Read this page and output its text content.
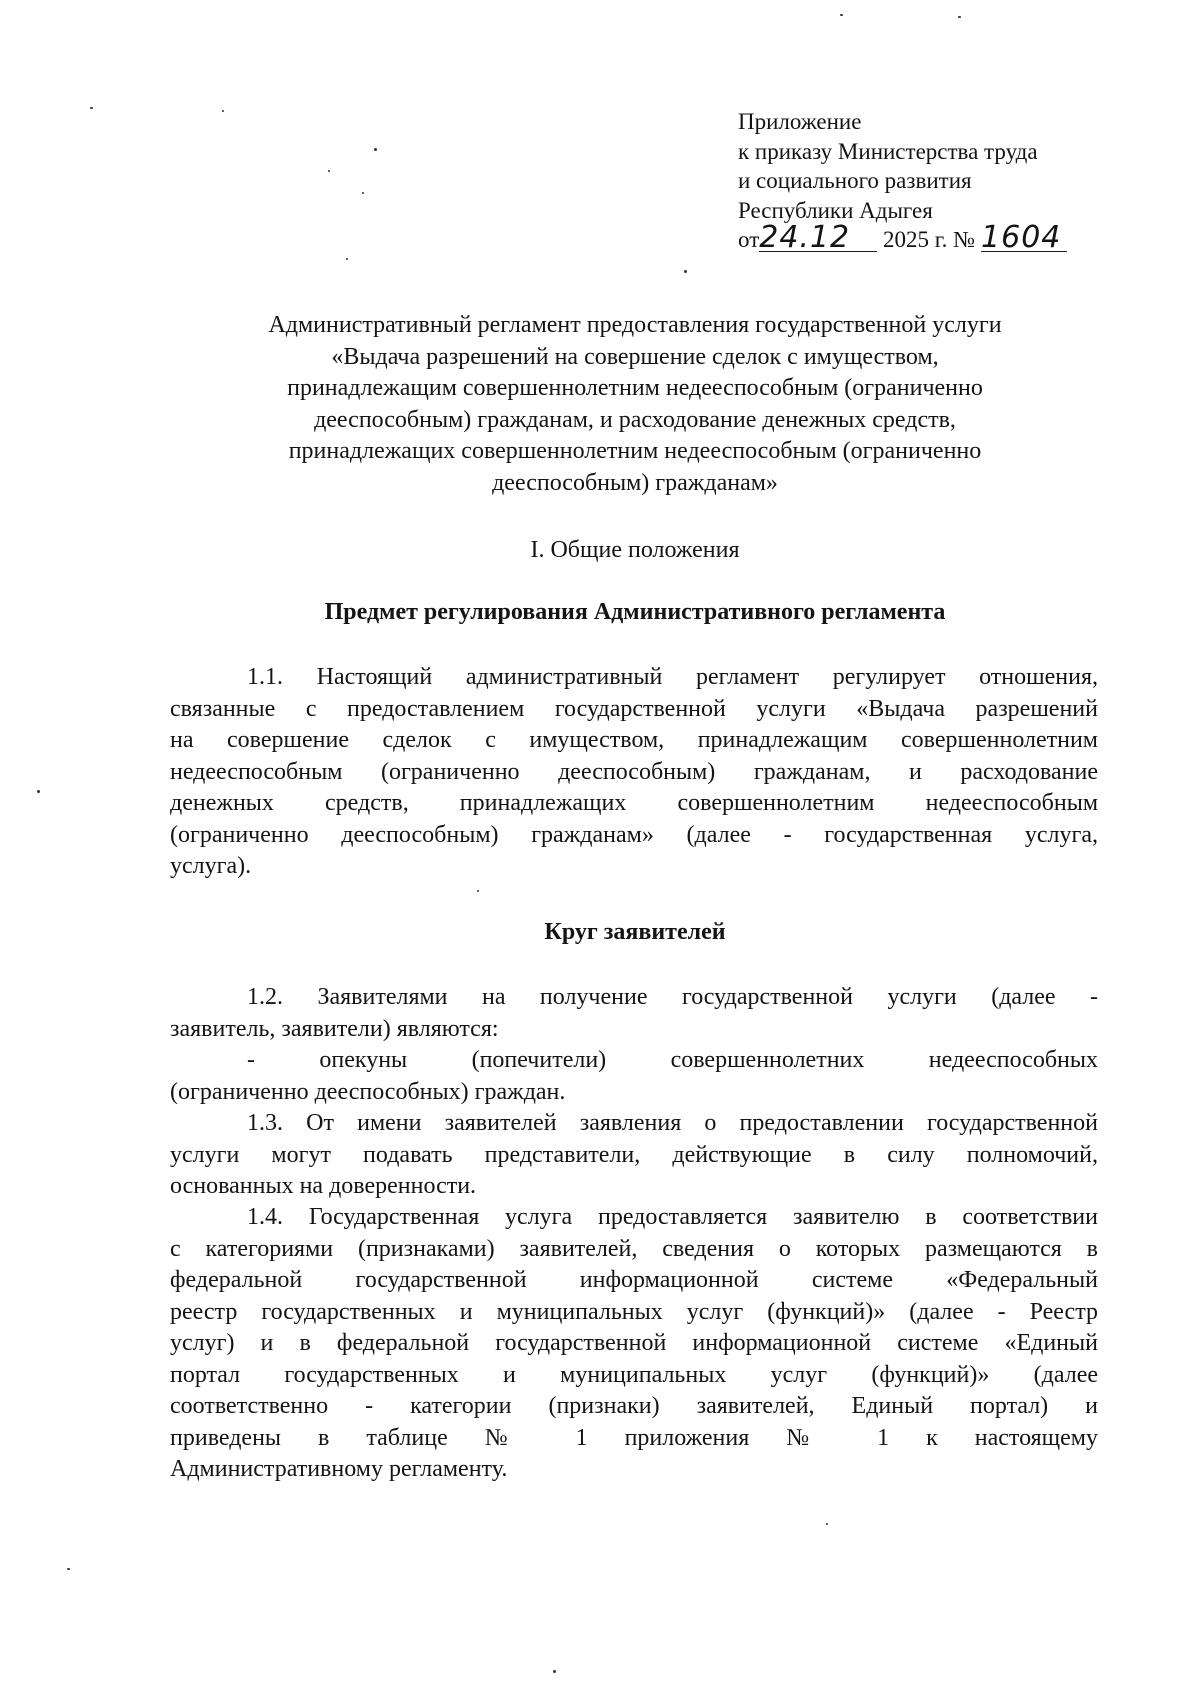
Приложение
к приказу Министерства труда
и социального развития
Республики Адыгея
от24.12 2025 г. № 1604
Административный регламент предоставления государственной услуги
«Выдача разрешений на совершение сделок с имуществом,
принадлежащим совершеннолетним недееспособным (ограниченно
дееспособным) гражданам, и расходование денежных средств,
принадлежащих совершеннолетним недееспособным (ограниченно
дееспособным) гражданам»
I. Общие положения
Предмет регулирования Административного регламента
1.1. Настоящий административный регламент регулирует отношения,
связанные с предоставлением государственной услуги «Выдача разрешений
на совершение сделок с имуществом, принадлежащим совершеннолетним
недееспособным (ограниченно дееспособным) гражданам, и расходование
денежных средств, принадлежащих совершеннолетним недееспособным
(ограниченно дееспособным) гражданам» (далее - государственная услуга,
услуга).
Круг заявителей
1.2. Заявителями на получение государственной услуги (далее -
заявитель, заявители) являются:
- опекуны (попечители) совершеннолетних недееспособных
(ограниченно дееспособных) граждан.
1.3. От имени заявителей заявления о предоставлении государственной
услуги могут подавать представители, действующие в силу полномочий,
основанных на доверенности.
1.4. Государственная услуга предоставляется заявителю в соответствии
с категориями (признаками) заявителей, сведения о которых размещаются в
федеральной государственной информационной системе «Федеральный
реестр государственных и муниципальных услуг (функций)» (далее - Реестр
услуг) и в федеральной государственной информационной системе «Единый
портал государственных и муниципальных услуг (функций)» (далее
соответственно - категории (признаки) заявителей, Единый портал) и
приведены в таблице № 1 приложения № 1 к настоящему
Административному регламенту.
